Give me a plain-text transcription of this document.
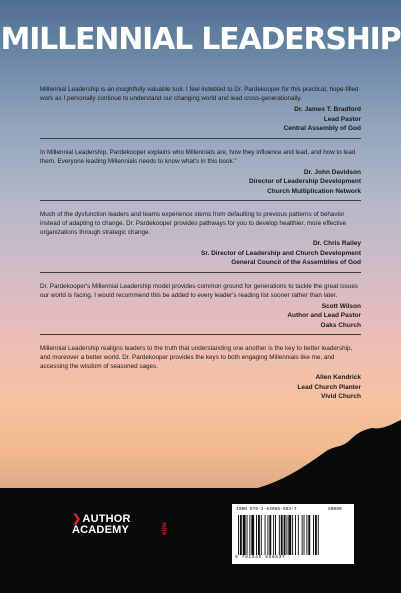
MILLENNIAL LEADERSHIP

Millennial Leadership is an insightfully valuable tool. I feel indebted to Dr. Pardekooper for this practical, hope-filled work as I personally continue to understand our changing world and lead cross-generationally.

Dr. James T. Bradford
Lead Pastor
Central Assembly of God

In Millennial Leadership, Pardekooper explains who Millennials are, how they influence and lead, and how to lead them. Everyone leading Millennials needs to know what's in this book."

Dr. John Davidson
Director of Leadership Development
Church Multiplication Network

Much of the dysfunction leaders and teams experience stems from defaulting to previous patterns of behavior instead of adapting to change. Dr. Pardekooper provides pathways for you to develop healthier, more effective organizations through strategic change.

Dr. Chris Railey
Sr. Director of Leadership and Church Development
General Council of the Assemblies of God

Dr. Pardekooper's Millennial Leadership model provides common ground for generations to tackle the great issues our world is facing. I would recommend this be added to every leader's reading list sooner rather than later.

Scott Wilson
Author and Lead Pastor
Oaks Church

Millennial Leadership realigns leaders to the truth that understanding one another is the key to better leadership, and moreover a better world. Dr. Pardekooper provides the keys to both engaging Millennials like me, and accessing the wisdom of seasoned sages.

Allen Kendrick
Lead Church Planter
Vivid Church
❯AUTHOR
ACADEMY	elite
ISBN 978-1-64085-683-7	50000
9 781640 856837
